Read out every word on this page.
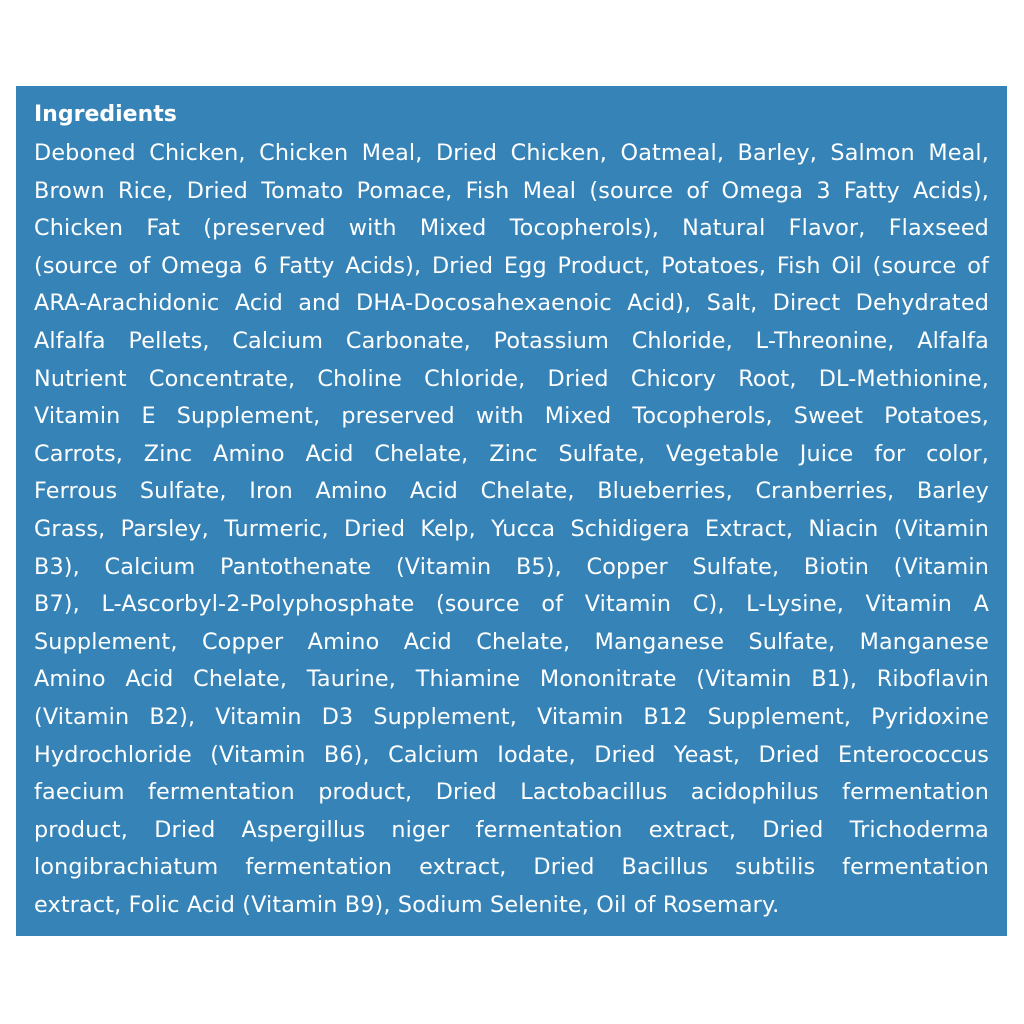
Ingredients
Deboned Chicken, Chicken Meal, Dried Chicken, Oatmeal, Barley, Salmon Meal,
Brown Rice, Dried Tomato Pomace, Fish Meal (source of Omega 3 Fatty Acids),
Chicken Fat (preserved with Mixed Tocopherols), Natural Flavor, Flaxseed
(source of Omega 6 Fatty Acids), Dried Egg Product, Potatoes, Fish Oil (source of
ARA-Arachidonic Acid and DHA-Docosahexaenoic Acid), Salt, Direct Dehydrated
Alfalfa Pellets, Calcium Carbonate, Potassium Chloride, L-Threonine, Alfalfa
Nutrient Concentrate, Choline Chloride, Dried Chicory Root, DL-Methionine,
Vitamin E Supplement, preserved with Mixed Tocopherols, Sweet Potatoes,
Carrots, Zinc Amino Acid Chelate, Zinc Sulfate, Vegetable Juice for color,
Ferrous Sulfate, Iron Amino Acid Chelate, Blueberries, Cranberries, Barley
Grass, Parsley, Turmeric, Dried Kelp, Yucca Schidigera Extract, Niacin (Vitamin
B3), Calcium Pantothenate (Vitamin B5), Copper Sulfate, Biotin (Vitamin
B7), L-Ascorbyl-2-Polyphosphate (source of Vitamin C), L-Lysine, Vitamin A
Supplement, Copper Amino Acid Chelate, Manganese Sulfate, Manganese
Amino Acid Chelate, Taurine, Thiamine Mononitrate (Vitamin B1), Riboflavin
(Vitamin B2), Vitamin D3 Supplement, Vitamin B12 Supplement, Pyridoxine
Hydrochloride (Vitamin B6), Calcium Iodate, Dried Yeast, Dried Enterococcus
faecium fermentation product, Dried Lactobacillus acidophilus fermentation
product, Dried Aspergillus niger fermentation extract, Dried Trichoderma
longibrachiatum fermentation extract, Dried Bacillus subtilis fermentation
extract, Folic Acid (Vitamin B9), Sodium Selenite, Oil of Rosemary.
